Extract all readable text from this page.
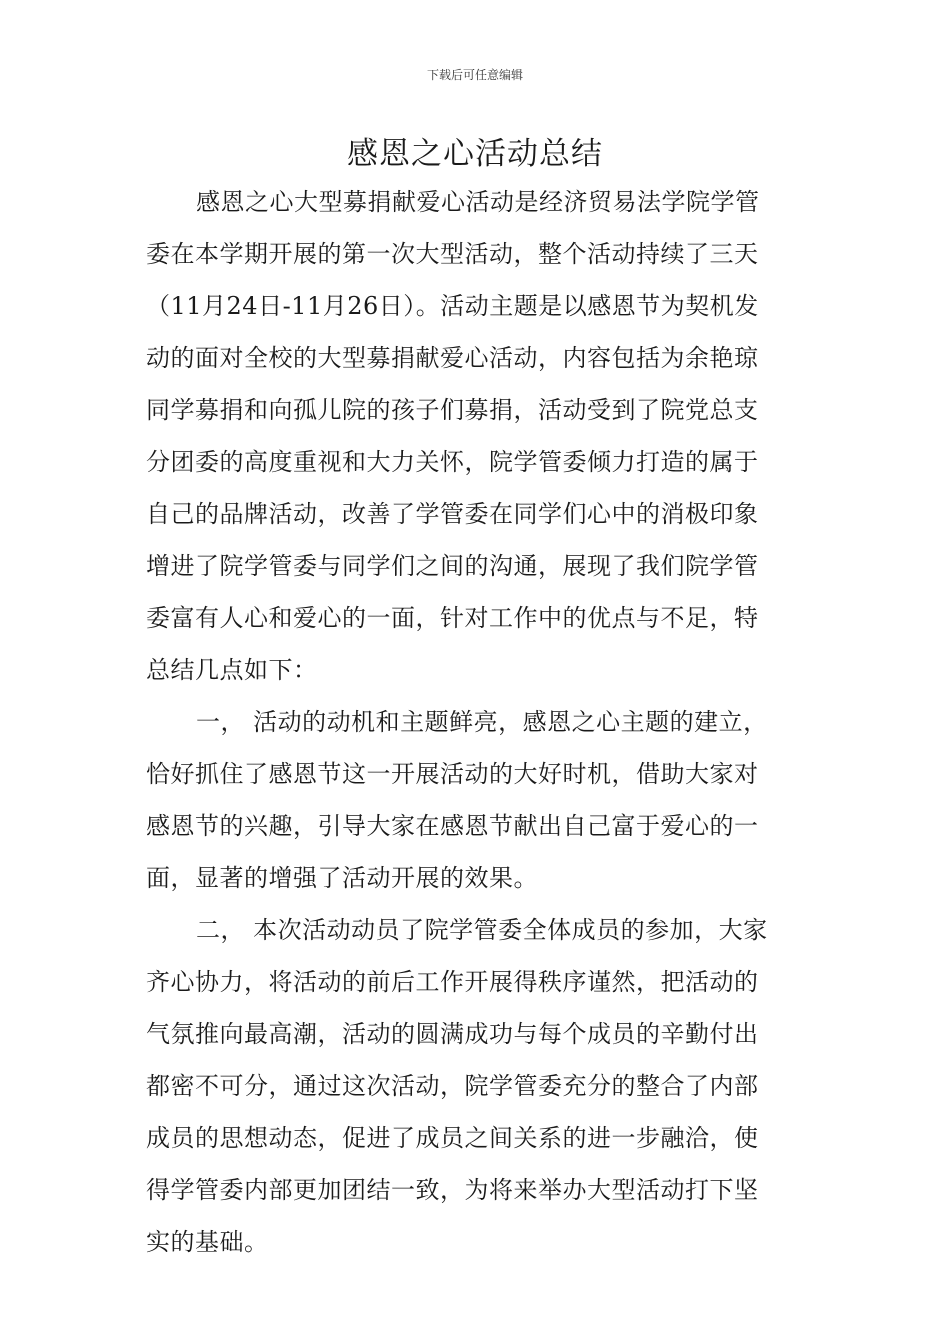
下载后可任意编辑
感恩之心活动总结
感恩之心大型募捐献爱心活动是经济贸易法学院学管
委在本学期开展的第一次大型活动，整个活动持续了三天
（11月24日-11月26日）。活动主题是以感恩节为契机发
动的面对全校的大型募捐献爱心活动，内容包括为余艳琼
同学募捐和向孤儿院的孩子们募捐，活动受到了院党总支
分团委的高度重视和大力关怀，院学管委倾力打造的属于
自己的品牌活动，改善了学管委在同学们心中的消极印象
增进了院学管委与同学们之间的沟通，展现了我们院学管
委富有人心和爱心的一面，针对工作中的优点与不足，特
总结几点如下：
一， 活动的动机和主题鲜亮，感恩之心主题的建立，
恰好抓住了感恩节这一开展活动的大好时机，借助大家对
感恩节的兴趣，引导大家在感恩节献出自己富于爱心的一
面，显著的增强了活动开展的效果。
二， 本次活动动员了院学管委全体成员的参加，大家
齐心协力，将活动的前后工作开展得秩序谨然，把活动的
气氛推向最高潮，活动的圆满成功与每个成员的辛勤付出
都密不可分，通过这次活动，院学管委充分的整合了内部
成员的思想动态，促进了成员之间关系的进一步融洽，使
得学管委内部更加团结一致，为将来举办大型活动打下坚
实的基础。
